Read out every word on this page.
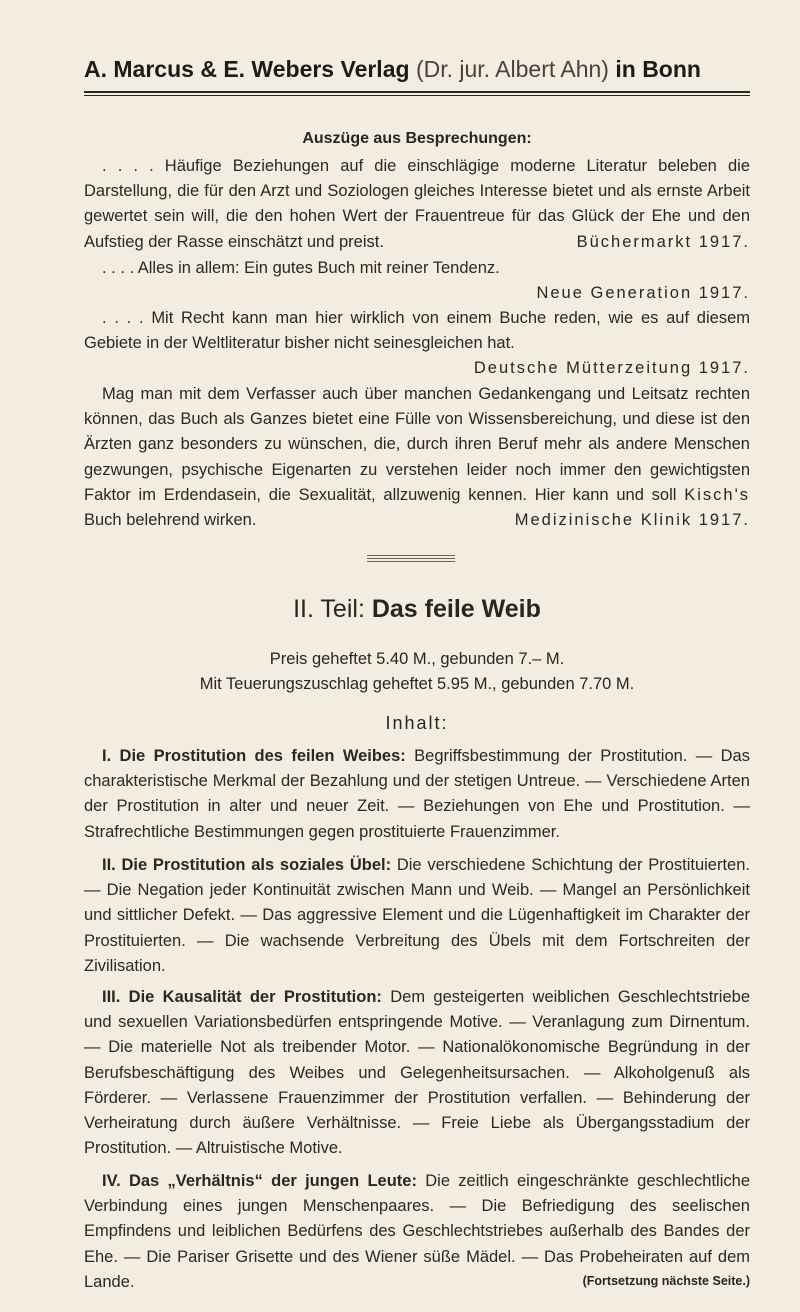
A. Marcus & E. Webers Verlag (Dr. jur. Albert Ahn) in Bonn
Auszüge aus Besprechungen:
. . . . Häufige Beziehungen auf die einschlägige moderne Literatur beleben die Darstellung, die für den Arzt und Soziologen gleiches Interesse bietet und als ernste Arbeit gewertet sein will, die den hohen Wert der Frauentreue für das Glück der Ehe und den Aufstieg der Rasse einschätzt und preist.	Büchermarkt 1917.
. . . . Alles in allem: Ein gutes Buch mit reiner Tendenz.
Neue Generation 1917.
. . . . Mit Recht kann man hier wirklich von einem Buche reden, wie es auf diesem Gebiete in der Weltliteratur bisher nicht seinesgleichen hat.
Deutsche Mütterzeitung 1917.
Mag man mit dem Verfasser auch über manchen Gedankengang und Leitsatz rechten können, das Buch als Ganzes bietet eine Fülle von Wissensbereichung, und diese ist den Ärzten ganz besonders zu wünschen, die, durch ihren Beruf mehr als andere Menschen gezwungen, psychische Eigenarten zu verstehen leider noch immer den gewichtigsten Faktor im Erdendasein, die Sexualität, allzuwenig kennen. Hier kann und soll Kisch's Buch belehrend wirken.	Medizinische Klinik 1917.
II. Teil: Das feile Weib
Preis geheftet 5.40 M., gebunden 7.– M.
Mit Teuerungszuschlag geheftet 5.95 M., gebunden 7.70 M.
Inhalt:
I. Die Prostitution des feilen Weibes: Begriffsbestimmung der Prostitution. — Das charakteristische Merkmal der Bezahlung und der stetigen Untreue. — Verschiedene Arten der Prostitution in alter und neuer Zeit. — Beziehungen von Ehe und Prostitution. — Strafrechtliche Bestimmungen gegen prostituierte Frauenzimmer.
II. Die Prostitution als soziales Übel: Die verschiedene Schichtung der Prostituierten. — Die Negation jeder Kontinuität zwischen Mann und Weib. — Mangel an Persönlichkeit und sittlicher Defekt. — Das aggressive Element und die Lügenhaftigkeit im Charakter der Prostituierten. — Die wachsende Verbreitung des Übels mit dem Fortschreiten der Zivilisation.
III. Die Kausalität der Prostitution: Dem gesteigerten weiblichen Geschlechtstriebe und sexuellen Variationsbedürfen entspringende Motive. — Veranlagung zum Dirnentum. — Die materielle Not als treibender Motor. — Nationalökonomische Begründung in der Berufsbeschäftigung des Weibes und Gelegenheitsursachen. — Alkoholgenuß als Förderer. — Verlassene Frauenzimmer der Prostitution verfallen. — Behinderung der Verheiratung durch äußere Verhältnisse. — Freie Liebe als Übergangsstadium der Prostitution. — Altruistische Motive.
IV. Das „Verhältnis“ der jungen Leute: Die zeitlich eingeschränkte geschlechtliche Verbindung eines jungen Menschenpaares. — Die Befriedigung des seelischen Empfindens und leiblichen Bedürfens des Geschlechtstriebes außerhalb des Bandes der Ehe. — Die Pariser Grisette und des Wiener süße Mädel. — Das Probeheiraten auf dem Lande.	(Fortsetzung nächste Seite.)
